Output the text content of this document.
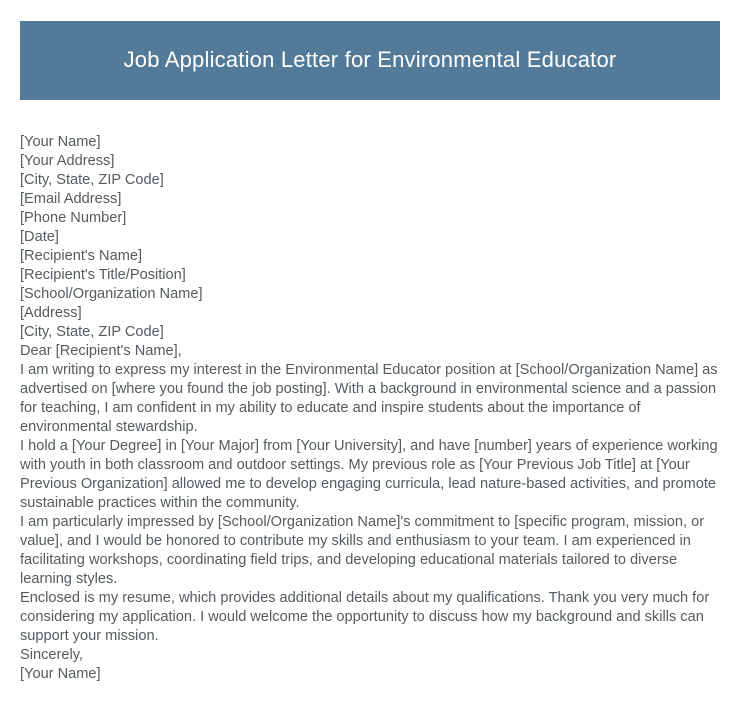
Job Application Letter for Environmental Educator
[Your Name]
[Your Address]
[City, State, ZIP Code]
[Email Address]
[Phone Number]
[Date]
[Recipient's Name]
[Recipient's Title/Position]
[School/Organization Name]
[Address]
[City, State, ZIP Code]
Dear [Recipient's Name],

I am writing to express my interest in the Environmental Educator position at [School/Organization Name] as advertised on [where you found the job posting]. With a background in environmental science and a passion for teaching, I am confident in my ability to educate and inspire students about the importance of environmental stewardship.

I hold a [Your Degree] in [Your Major] from [Your University], and have [number] years of experience working with youth in both classroom and outdoor settings. My previous role as [Your Previous Job Title] at [Your Previous Organization] allowed me to develop engaging curricula, lead nature-based activities, and promote sustainable practices within the community.

I am particularly impressed by [School/Organization Name]'s commitment to [specific program, mission, or value], and I would be honored to contribute my skills and enthusiasm to your team. I am experienced in facilitating workshops, coordinating field trips, and developing educational materials tailored to diverse learning styles.

Enclosed is my resume, which provides additional details about my qualifications. Thank you very much for considering my application. I would welcome the opportunity to discuss how my background and skills can support your mission.

Sincerely,
[Your Name]
